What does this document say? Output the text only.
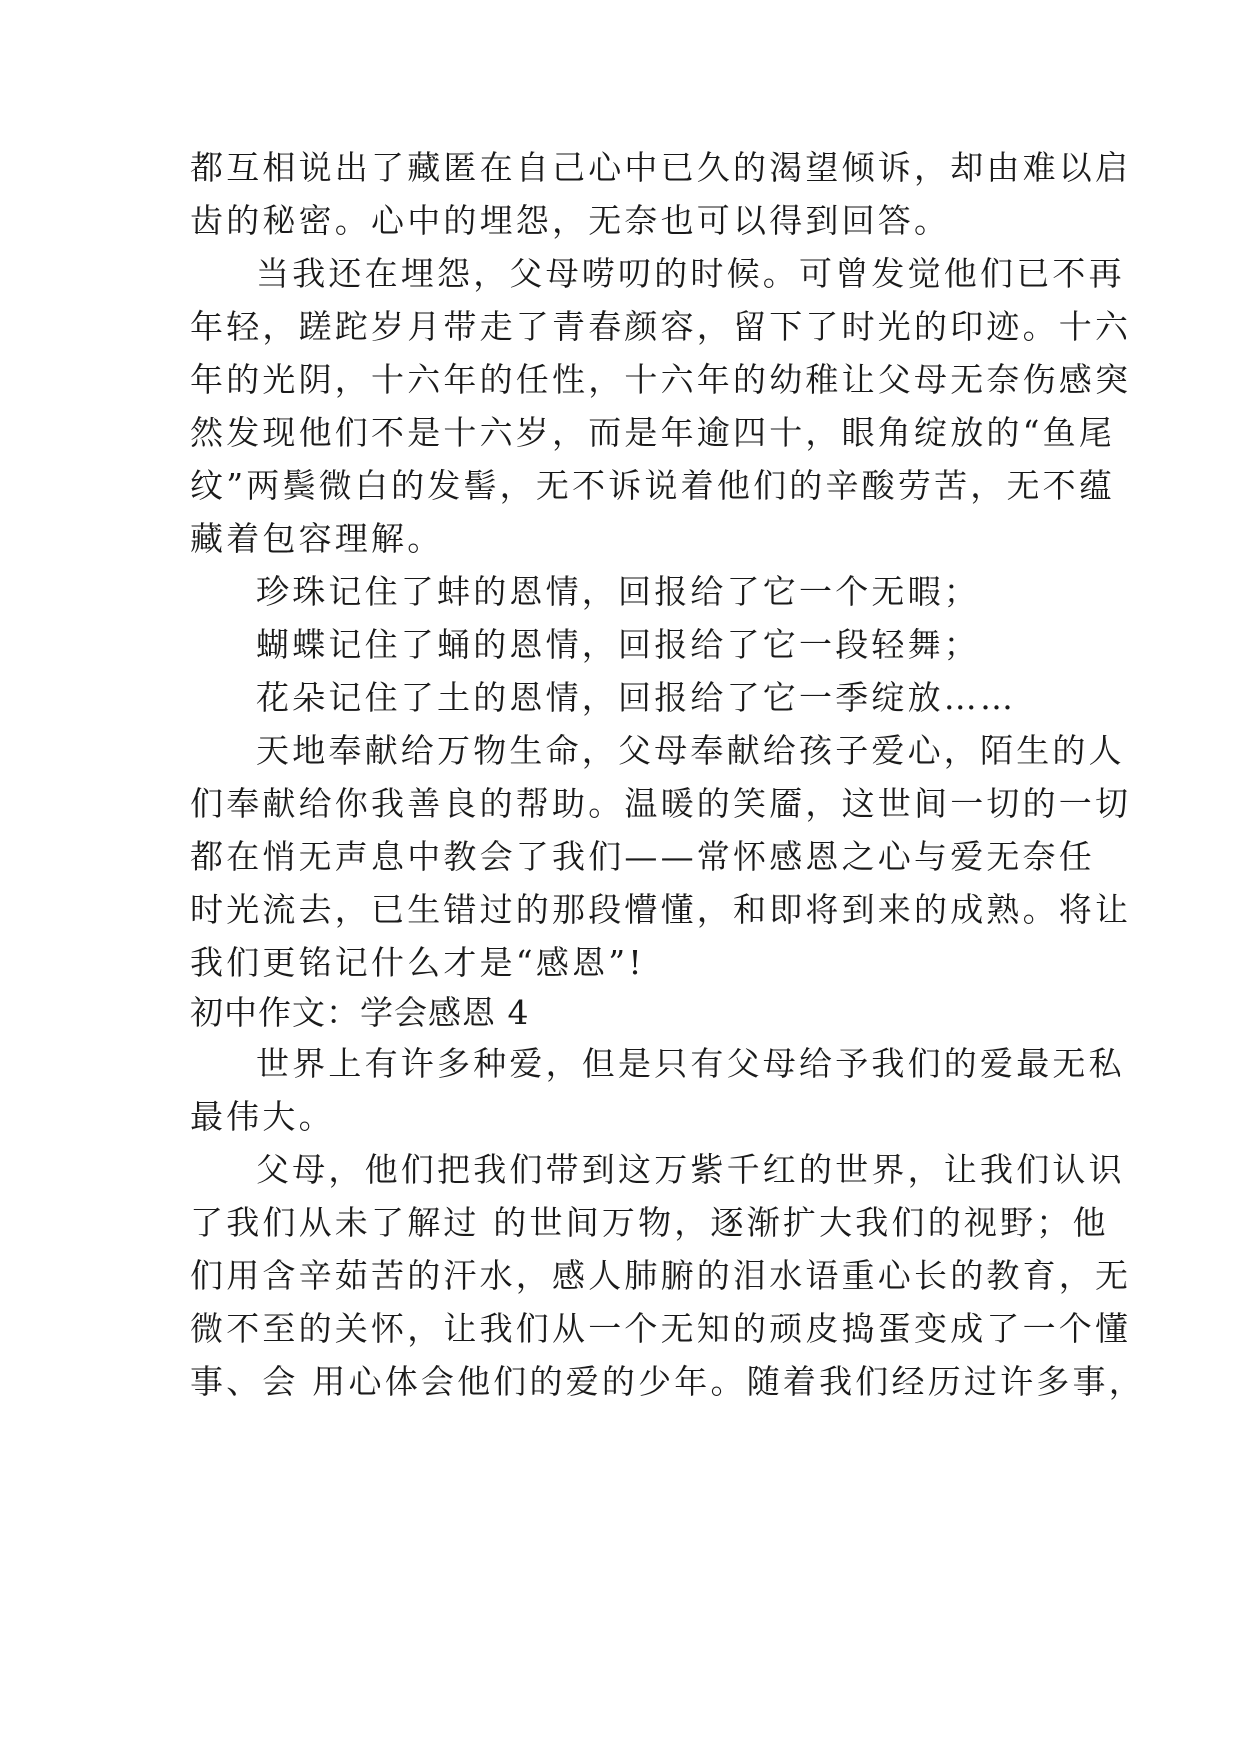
都互相说出了藏匿在自己心中已久的渴望倾诉，却由难以启
齿的秘密。心中的埋怨，无奈也可以得到回答。
当我还在埋怨，父母唠叨的时候。可曾发觉他们已不再
年轻，蹉跎岁月带走了青春颜容，留下了时光的印迹。十六
年的光阴，十六年的任性，十六年的幼稚让父母无奈伤感突
然发现他们不是十六岁，而是年逾四十，眼角绽放的“鱼尾
纹”两鬓微白的发髻，无不诉说着他们的辛酸劳苦，无不蕴
藏着包容理解。
珍珠记住了蚌的恩情，回报给了它一个无暇；
蝴蝶记住了蛹的恩情，回报给了它一段轻舞；
花朵记住了土的恩情，回报给了它一季绽放……
天地奉献给万物生命，父母奉献给孩子爱心，陌生的人
们奉献给你我善良的帮助。温暖的笑靥，这世间一切的一切
都在悄无声息中教会了我们——常怀感恩之心与爱无奈任
时光流去，已生错过的那段懵懂，和即将到来的成熟。将让
我们更铭记什么才是“感恩”!
初中作文：学会感恩 4
世界上有许多种爱，但是只有父母给予我们的爱最无私
最伟大。
父母，他们把我们带到这万紫千红的世界，让我们认识
了我们从未了解过 的世间万物，逐渐扩大我们的视野；他
们用含辛茹苦的汗水，感人肺腑的泪水语重心长的教育，无
微不至的关怀，让我们从一个无知的顽皮捣蛋变成了一个懂
事、会 用心体会他们的爱的少年。随着我们经历过许多事，
